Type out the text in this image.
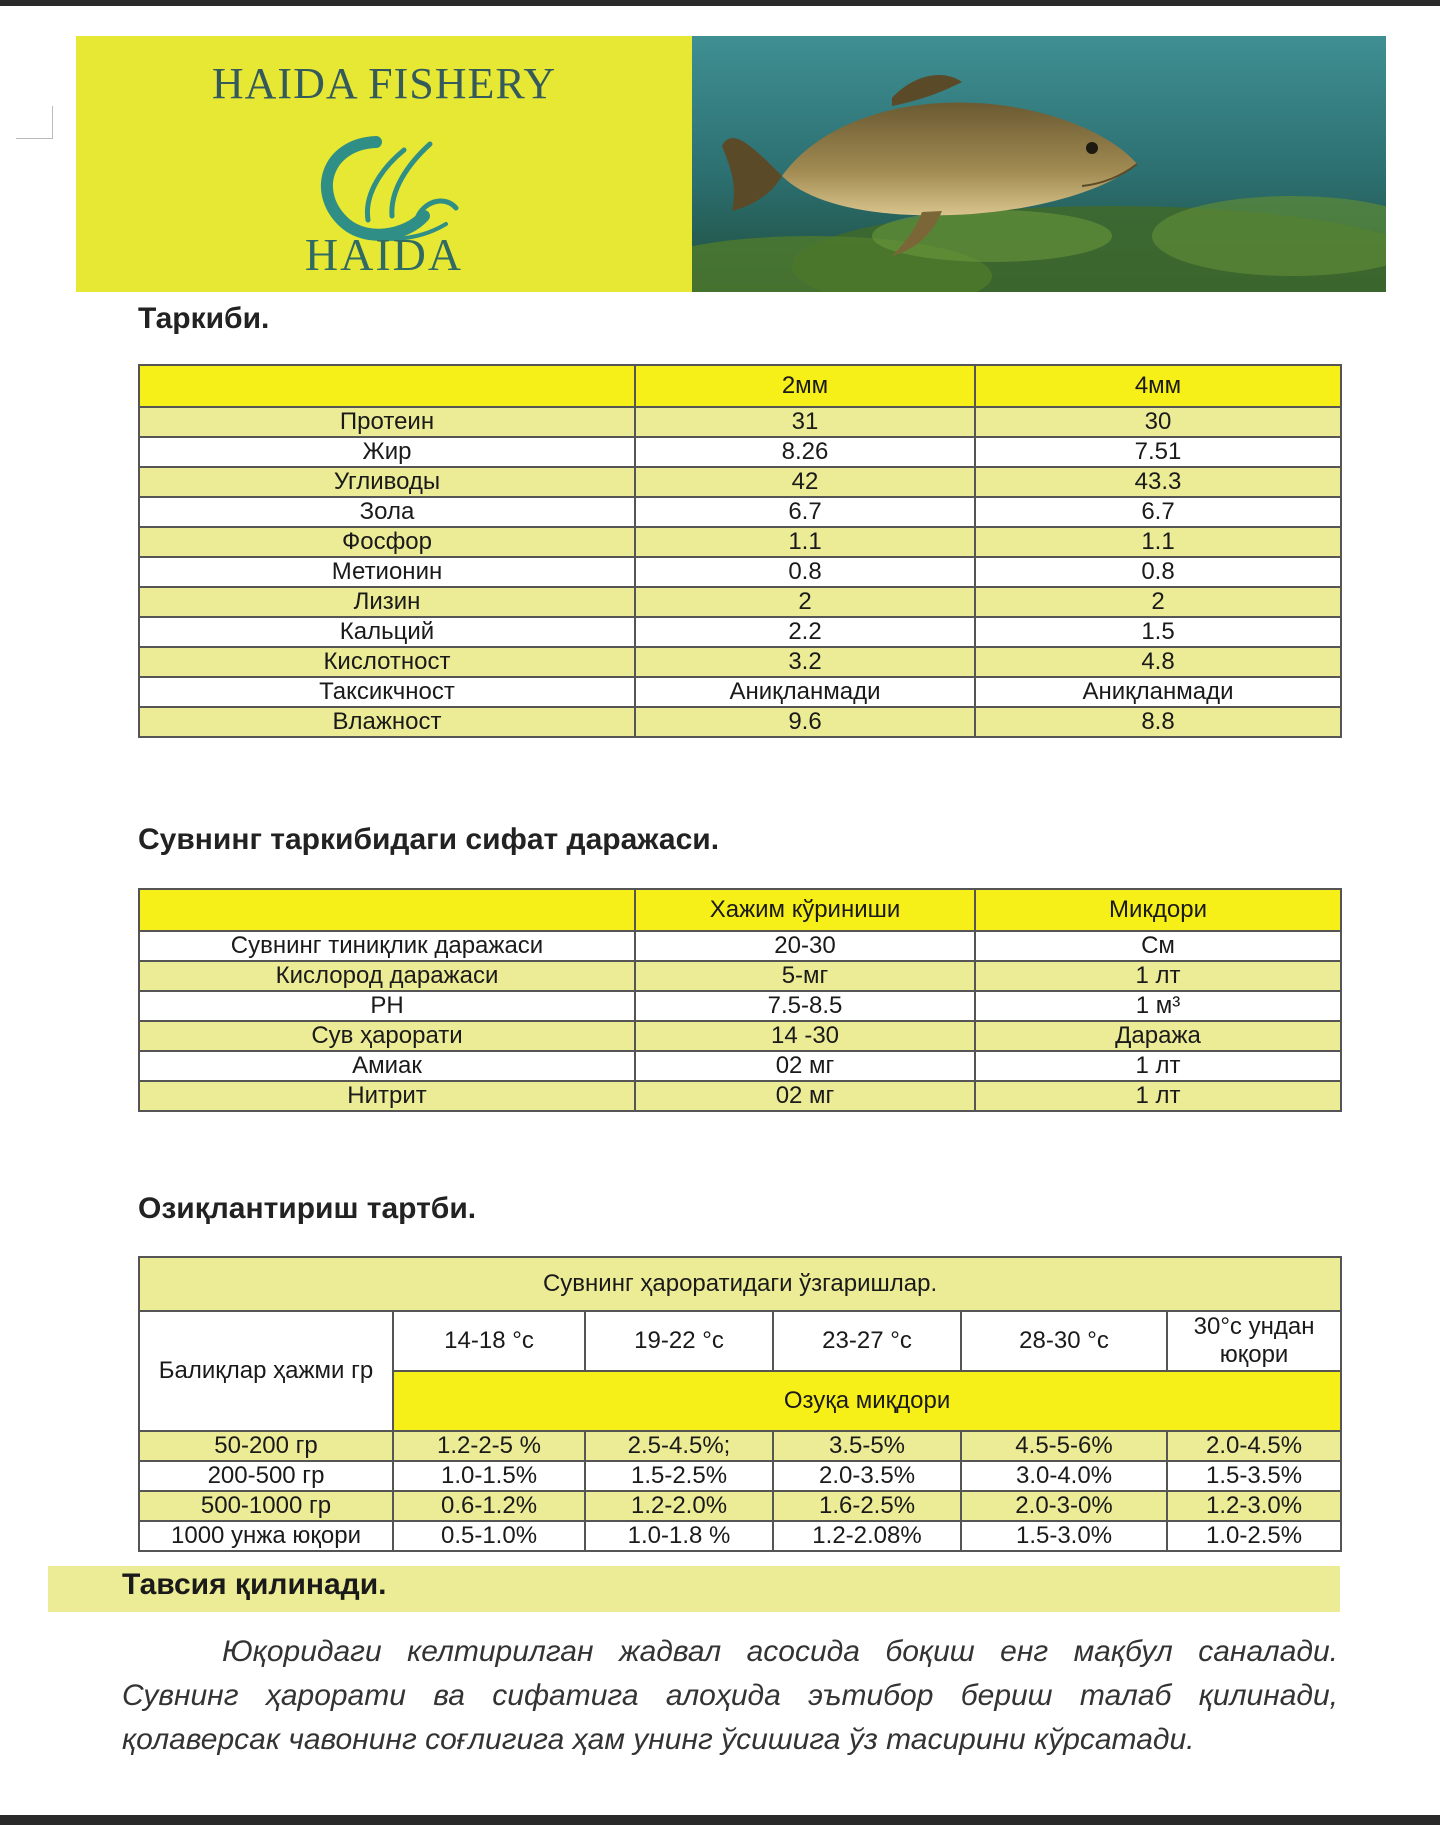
HAIDA FISHERY
HAIDA
Таркиби.
	2мм	4мм
Протеин	31	30
Жир	8.26	7.51
Угливоды	42	43.3
Зола	6.7	6.7
Фосфор	1.1	1.1
Метионин	0.8	0.8
Лизин	2	2
Кальций	2.2	1.5
Кислотност	3.2	4.8
Таксикчност	Аниқланмади	Аниқланмади
Влажност	9.6	8.8
Сувнинг таркибидаги сифат даражаси.
	Хажим кўриниши	Микдори
Сувнинг тиниқлик даражаси	20-30	См
Кислород даражаси	5-мг	1 лт
PH	7.5-8.5	1 м³
Сув ҳарорати	14 -30	Даража
Амиак	02 мг	1 лт
Нитрит	02 мг	1 лт
Озиқлантириш тартби.
Сувнинг ҳароратидаги ўзгаришлар.					
Балиқлар ҳажми гр	14-18 °с	19-22 °с	23-27 °с	28-30 °с	30°с ундан юқори
	Озуқа миқдори				
50-200 гр	1.2-2-5 %	2.5-4.5%;	3.5-5%	4.5-5-6%	2.0-4.5%
200-500 гр	1.0-1.5%	1.5-2.5%	2.0-3.5%	3.0-4.0%	1.5-3.5%
500-1000 гр	0.6-1.2%	1.2-2.0%	1.6-2.5%	2.0-3-0%	1.2-3.0%
1000 унжа юқори	0.5-1.0%	1.0-1.8 %	1.2-2.08%	1.5-3.0%	1.0-2.5%
Тавсия қилинади.
Юқоридаги келтирилган жадвал асосида боқиш енг мақбул саналади. Сувнинг ҳарорати ва сифатига алоҳида эътибор бериш талаб қилинади, қолаверсак чавонинг соғлигига ҳам унинг ўсишига ўз тасирини кўрсатади.
